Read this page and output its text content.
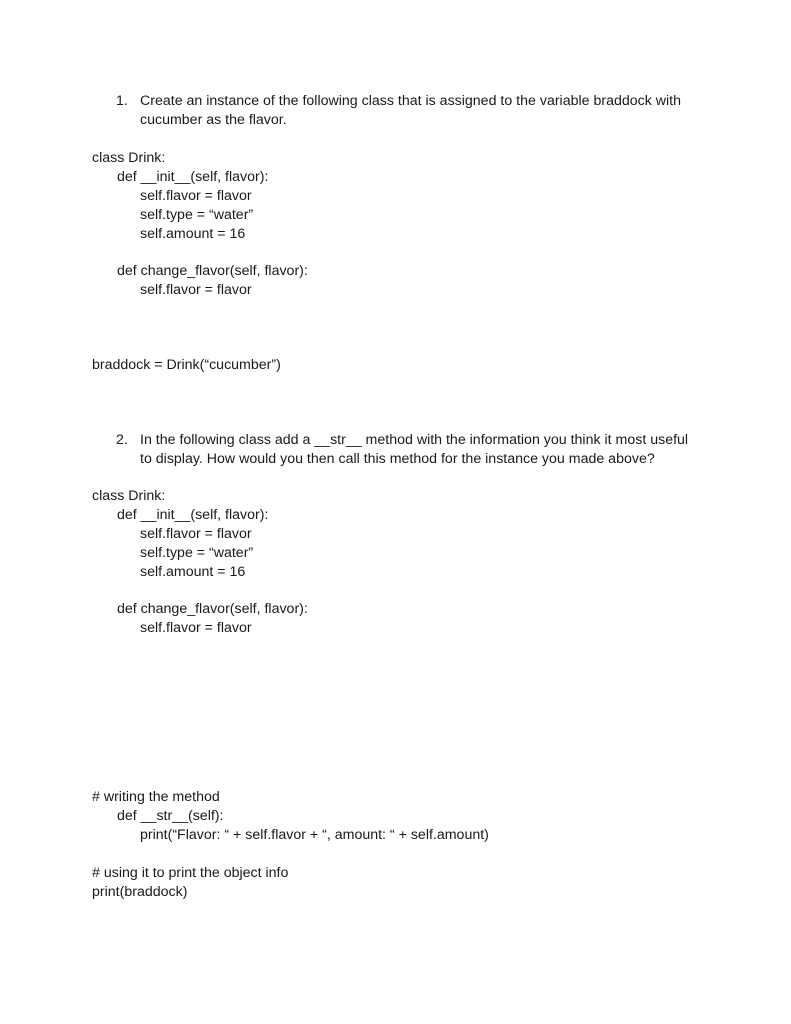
1. Create an instance of the following class that is assigned to the variable braddock with
cucumber as the flavor.
class Drink:
def __init__(self, flavor):
self.flavor = flavor
self.type = “water”
self.amount = 16
def change_flavor(self, flavor):
self.flavor = flavor
braddock = Drink(“cucumber”)
2. In the following class add a __str__ method with the information you think it most useful
to display. How would you then call this method for the instance you made above?
class Drink:
def __init__(self, flavor):
self.flavor = flavor
self.type = “water”
self.amount = 16
def change_flavor(self, flavor):
self.flavor = flavor
# writing the method
def __str__(self):
print(“Flavor: “ + self.flavor + “, amount: “ + self.amount)
# using it to print the object info
print(braddock)
